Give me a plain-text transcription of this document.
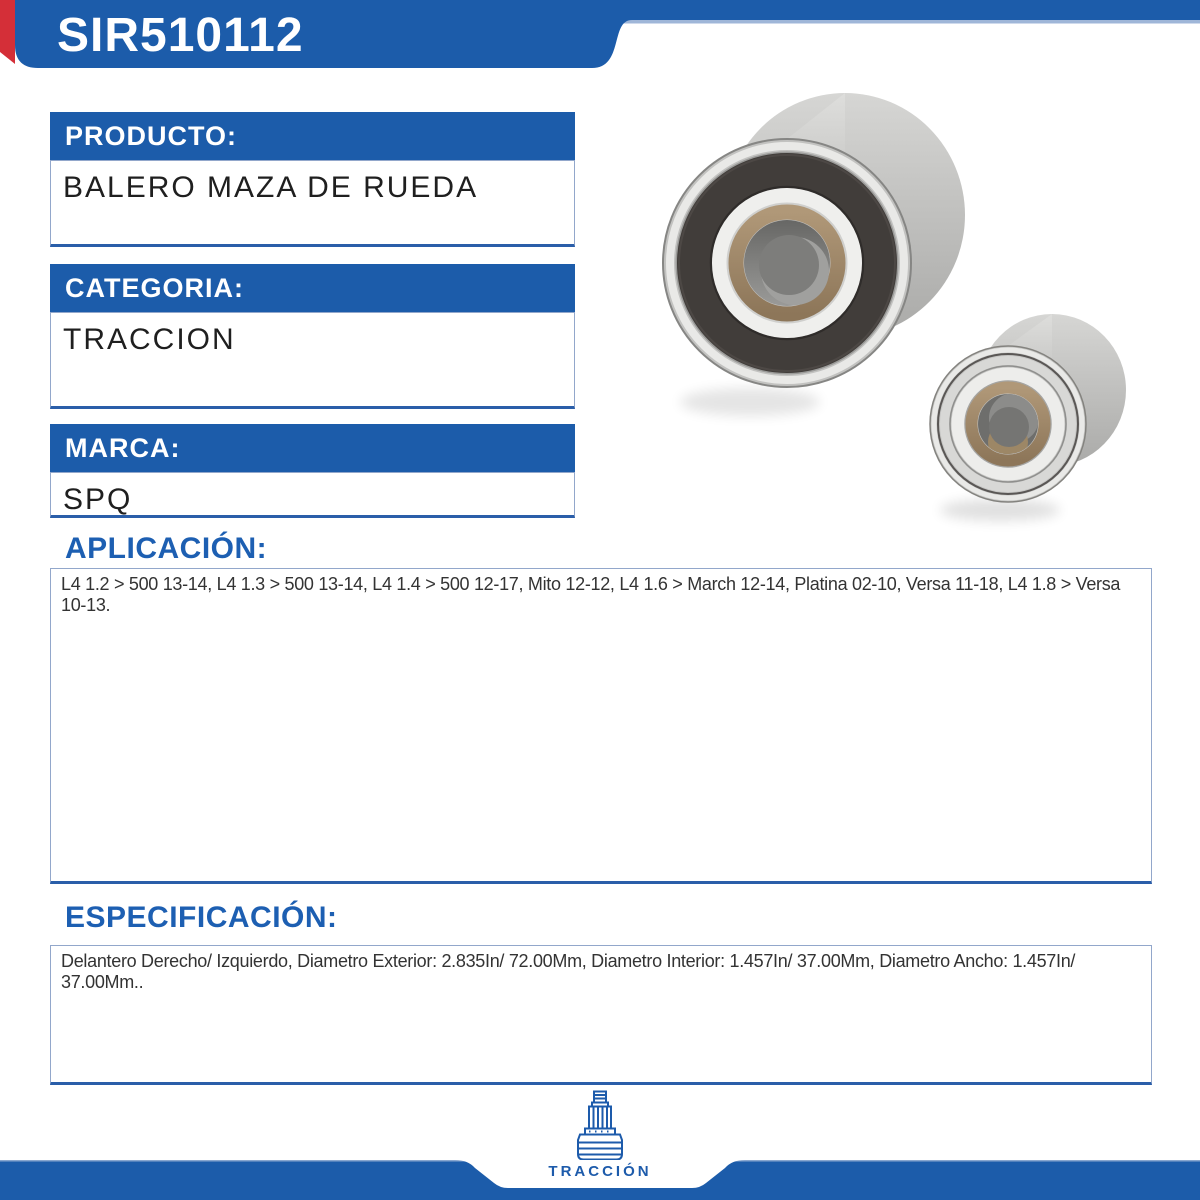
SIR510112
PRODUCTO:
BALERO MAZA DE RUEDA
CATEGORIA:
TRACCION
MARCA:
SPQ
APLICACIÓN:
L4 1.2 > 500 13-14, L4 1.3 > 500 13-14, L4 1.4 > 500 12-17, Mito 12-12, L4 1.6 > March 12-14, Platina 02-10, Versa 11-18, L4 1.8 > Versa 10-13.
ESPECIFICACIÓN:
Delantero Derecho/ Izquierdo, Diametro Exterior: 2.835In/ 72.00Mm, Diametro Interior: 1.457In/ 37.00Mm, Diametro Ancho: 1.457In/ 37.00Mm..
TRACCIÓN
